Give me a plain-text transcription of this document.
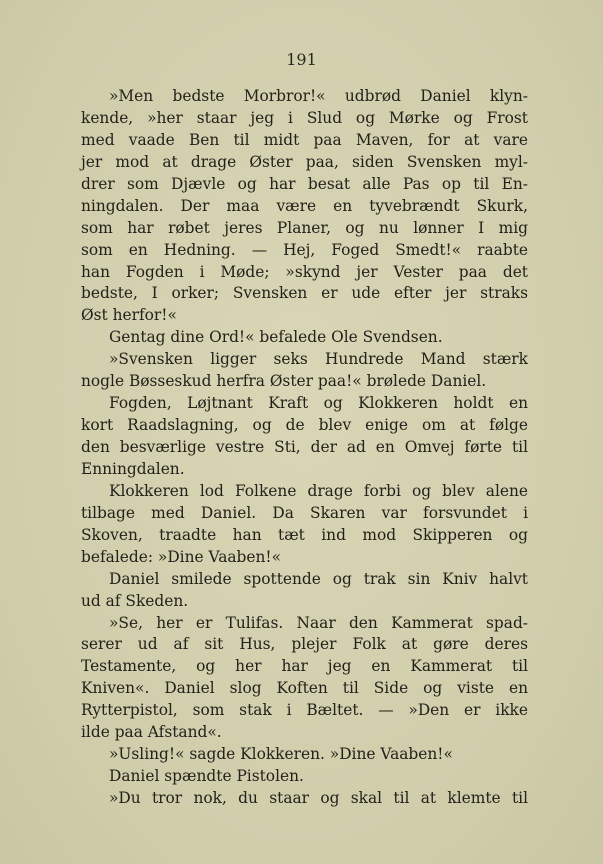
191
»Men bedste Morbror!« udbrød Daniel klyn-
kende, »her staar jeg i Slud og Mørke og Frost
med vaade Ben til midt paa Maven, for at vare
jer mod at drage Øster paa, siden Svensken myl-
drer som Djævle og har besat alle Pas op til En-
ningdalen. Der maa være en tyvebrændt Skurk,
som har røbet jeres Planer, og nu lønner I mig
som en Hedning. — Hej, Foged Smedt!« raabte
han Fogden i Møde; »skynd jer Vester paa det
bedste, I orker; Svensken er ude efter jer straks
Øst herfor!«
Gentag dine Ord!« befalede Ole Svendsen.
»Svensken ligger seks Hundrede Mand stærk
nogle Bøsseskud herfra Øster paa!« brølede Daniel.
Fogden, Løjtnant Kraft og Klokkeren holdt en
kort Raadslagning, og de blev enige om at følge
den besværlige vestre Sti, der ad en Omvej førte til
Enningdalen.
Klokkeren lod Folkene drage forbi og blev alene
tilbage med Daniel. Da Skaren var forsvundet i
Skoven, traadte han tæt ind mod Skipperen og
befalede: »Dine Vaaben!«
Daniel smilede spottende og trak sin Kniv halvt
ud af Skeden.
»Se, her er Tulifas. Naar den Kammerat spad-
serer ud af sit Hus, plejer Folk at gøre deres
Testamente, og her har jeg en Kammerat til
Kniven«. Daniel slog Koften til Side og viste en
Rytterpistol, som stak i Bæltet. — »Den er ikke
ilde paa Afstand«.
»Usling!« sagde Klokkeren. »Dine Vaaben!«
Daniel spændte Pistolen.
»Du tror nok, du staar og skal til at klemte til
